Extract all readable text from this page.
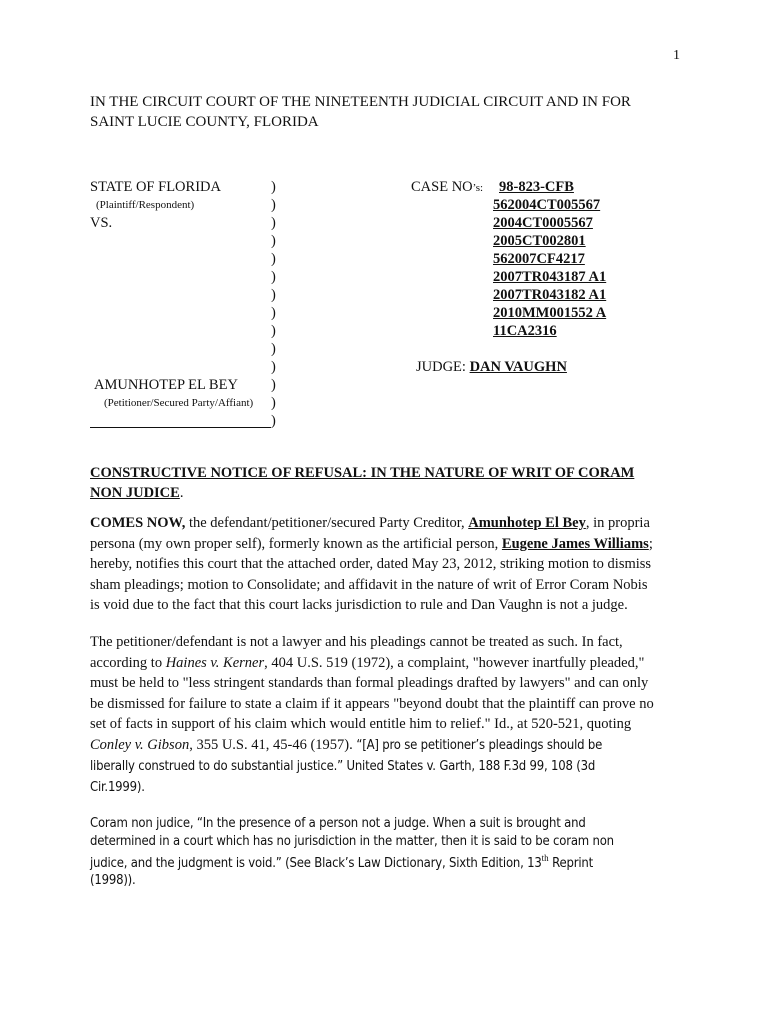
1
IN THE CIRCUIT COURT OF THE NINETEENTH JUDICIAL CIRCUIT AND IN FOR
SAINT LUCIE COUNTY, FLORIDA
STATE OF FLORIDA	)
(Plaintiff/Respondent)	)
VS.	)
)
)
)
)
)
)
)
)
AMUNHOTEP EL BEY )
(Petitioner/Secured Party/Affiant) )
)
CASE NO’s: 98-823-CFB
562004CT005567
2004CT0005567
2005CT002801
562007CF4217
2007TR043187 A1
2007TR043182 A1
2010MM001552 A
11CA2316
JUDGE: DAN VAUGHN
CONSTRUCTIVE NOTICE OF REFUSAL: IN THE NATURE OF WRIT OF CORAM
NON JUDICE.
COMES NOW, the defendant/petitioner/secured Party Creditor, Amunhotep El Bey, in propria
persona (my own proper self), formerly known as the artificial person, Eugene James Williams;
hereby, notifies this court that the attached order, dated May 23, 2012, striking motion to dismiss
sham pleadings; motion to Consolidate; and affidavit in the nature of writ of Error Coram Nobis
is void due to the fact that this court lacks jurisdiction to rule and Dan Vaughn is not a judge.
The petitioner/defendant is not a lawyer and his pleadings cannot be treated as such. In fact,
according to Haines v. Kerner, 404 U.S. 519 (1972), a complaint, "however inartfully pleaded,"
must be held to "less stringent standards than formal pleadings drafted by lawyers" and can only
be dismissed for failure to state a claim if it appears "beyond doubt that the plaintiff can prove no
set of facts in support of his claim which would entitle him to relief." Id., at 520-521, quoting
Conley v. Gibson, 355 U.S. 41, 45-46 (1957). “[A] pro se petitioner’s pleadings should be
liberally construed to do substantial justice.” United States v. Garth, 188 F.3d 99, 108 (3d
Cir.1999).
Coram non judice, “In the presence of a person not a judge. When a suit is brought and
determined in a court which has no jurisdiction in the matter, then it is said to be coram non
judice, and the judgment is void.” (See Black’s Law Dictionary, Sixth Edition, 13th Reprint
(1998)).
